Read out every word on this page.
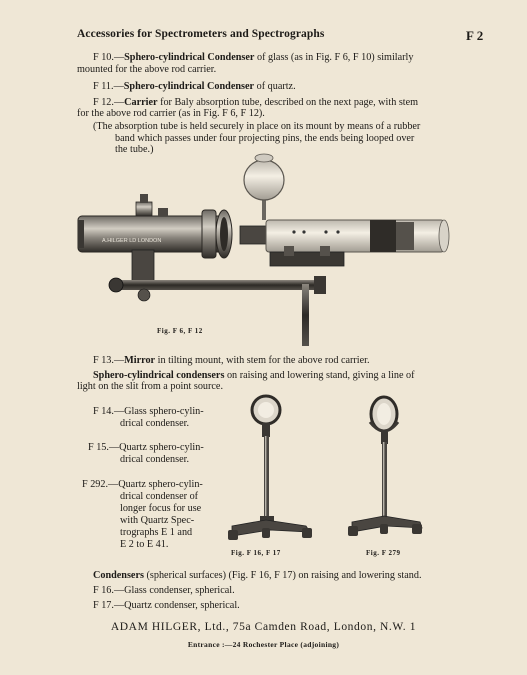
Accessories for Spectrometers and Spectrographs	F 2

F 10.—Sphero-cylindrical Condenser of glass (as in Fig. F 6, F 10) similarly

mounted for the above rod carrier.

F 11.—Sphero-cylindrical Condenser of quartz.

F 12.—Carrier for Baly absorption tube, described on the next page, with stem

for the above rod carrier (as in Fig. F 6, F 12).

(The absorption tube is held securely in place on its mount by means of a rubber

band which passes under four projecting pins, the ends being looped over

the tube.)

A.HILGER LD LONDON
Fig. F 6, F 12

F 13.—Mirror in tilting mount, with stem for the above rod carrier.

Sphero-cylindrical condensers on raising and lowering stand, giving a line of

light on the slit from a point source.

F 14.—Glass sphero-cylin-

drical condenser.

F 15.—Quartz sphero-cylin-

drical condenser.

F 292.—Quartz sphero-cylin-

drical condenser of

longer focus for use

with Quartz Spec-

trographs E 1 and

E 2 to E 41.

Fig. F 16, F 17	Fig. F 279

Condensers (spherical surfaces) (Fig. F 16, F 17) on raising and lowering stand.

F 16.—Glass condenser, spherical.

F 17.—Quartz condenser, spherical.

ADAM HILGER, Ltd., 75a Camden Road, London, N.W. 1
Entrance :—24 Rochester Place (adjoining)
